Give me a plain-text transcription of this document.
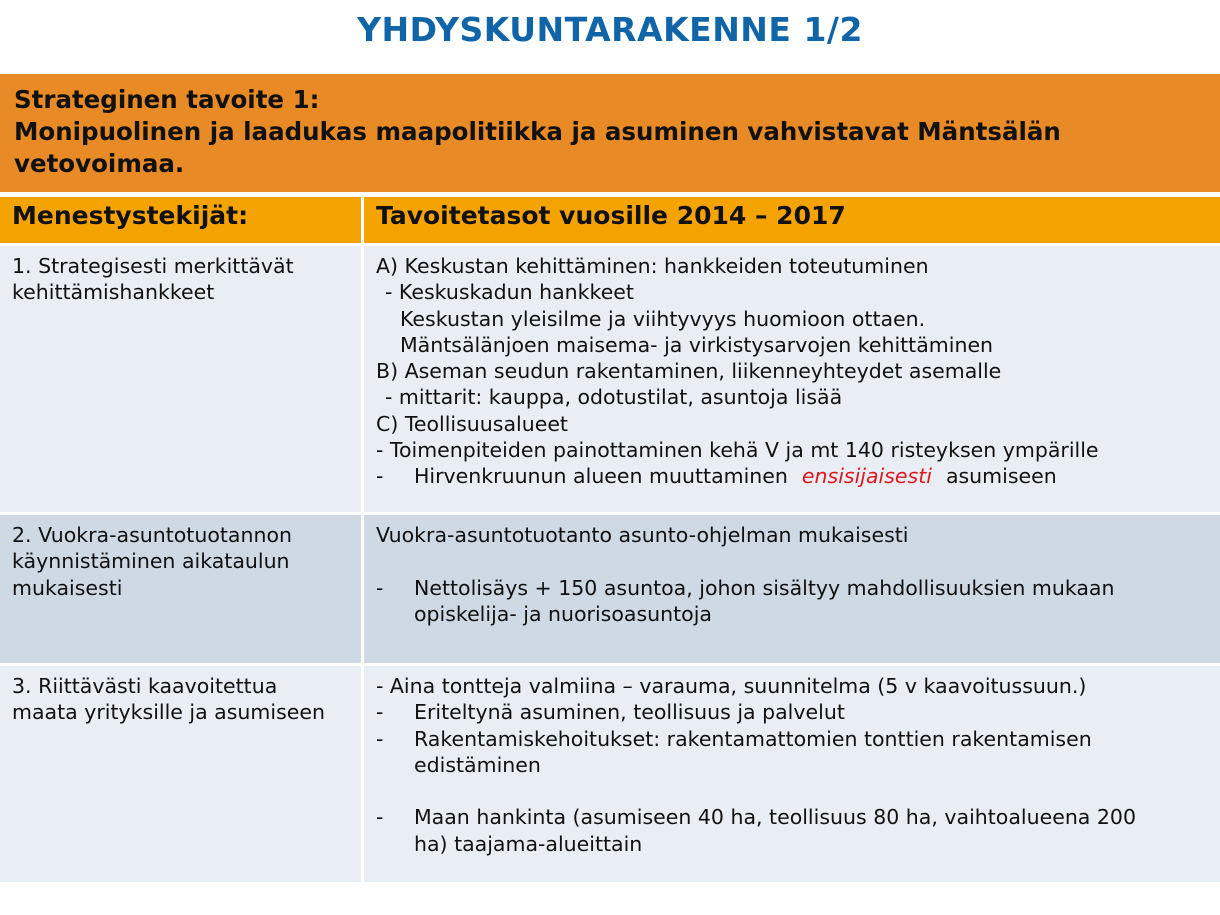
YHDYSKUNTARAKENNE 1/2
Strateginen tavoite 1:
Monipuolinen ja laadukas maapolitiikka ja asuminen vahvistavat Mäntsälän
vetovoimaa.
Menestystekijät:	Tavoitetasot vuosille 2014 – 2017
1. Strategisesti merkittävät
kehittämishankkeet
A) Keskustan kehittäminen: hankkeiden toteutuminen
- Keskuskadun hankkeet
Keskustan yleisilme ja viihtyvyys huomioon ottaen.
Mäntsälänjoen maisema- ja virkistysarvojen kehittäminen
B) Aseman seudun rakentaminen, liikenneyhteydet asemalle
- mittarit: kauppa, odotustilat, asuntoja lisää
C) Teollisuusalueet
- Toimenpiteiden painottaminen kehä V ja mt 140 risteyksen ympärille
- Hirvenkruunun alueen muuttaminen ensisijaisesti asumiseen
2. Vuokra-asuntotuotannon
käynnistäminen aikataulun
mukaisesti
Vuokra-asuntotuotanto asunto-ohjelman mukaisesti
- Nettolisäys + 150 asuntoa, johon sisältyy mahdollisuuksien mukaan
opiskelija- ja nuorisoasuntoja
3. Riittävästi kaavoitettua
maata yrityksille ja asumiseen
- Aina tontteja valmiina – varauma, suunnitelma (5 v kaavoitussuun.)
- Eriteltynä asuminen, teollisuus ja palvelut
- Rakentamiskehoitukset: rakentamattomien tonttien rakentamisen
edistäminen
- Maan hankinta (asumiseen 40 ha, teollisuus 80 ha, vaihtoalueena 200
ha) taajama-alueittain
